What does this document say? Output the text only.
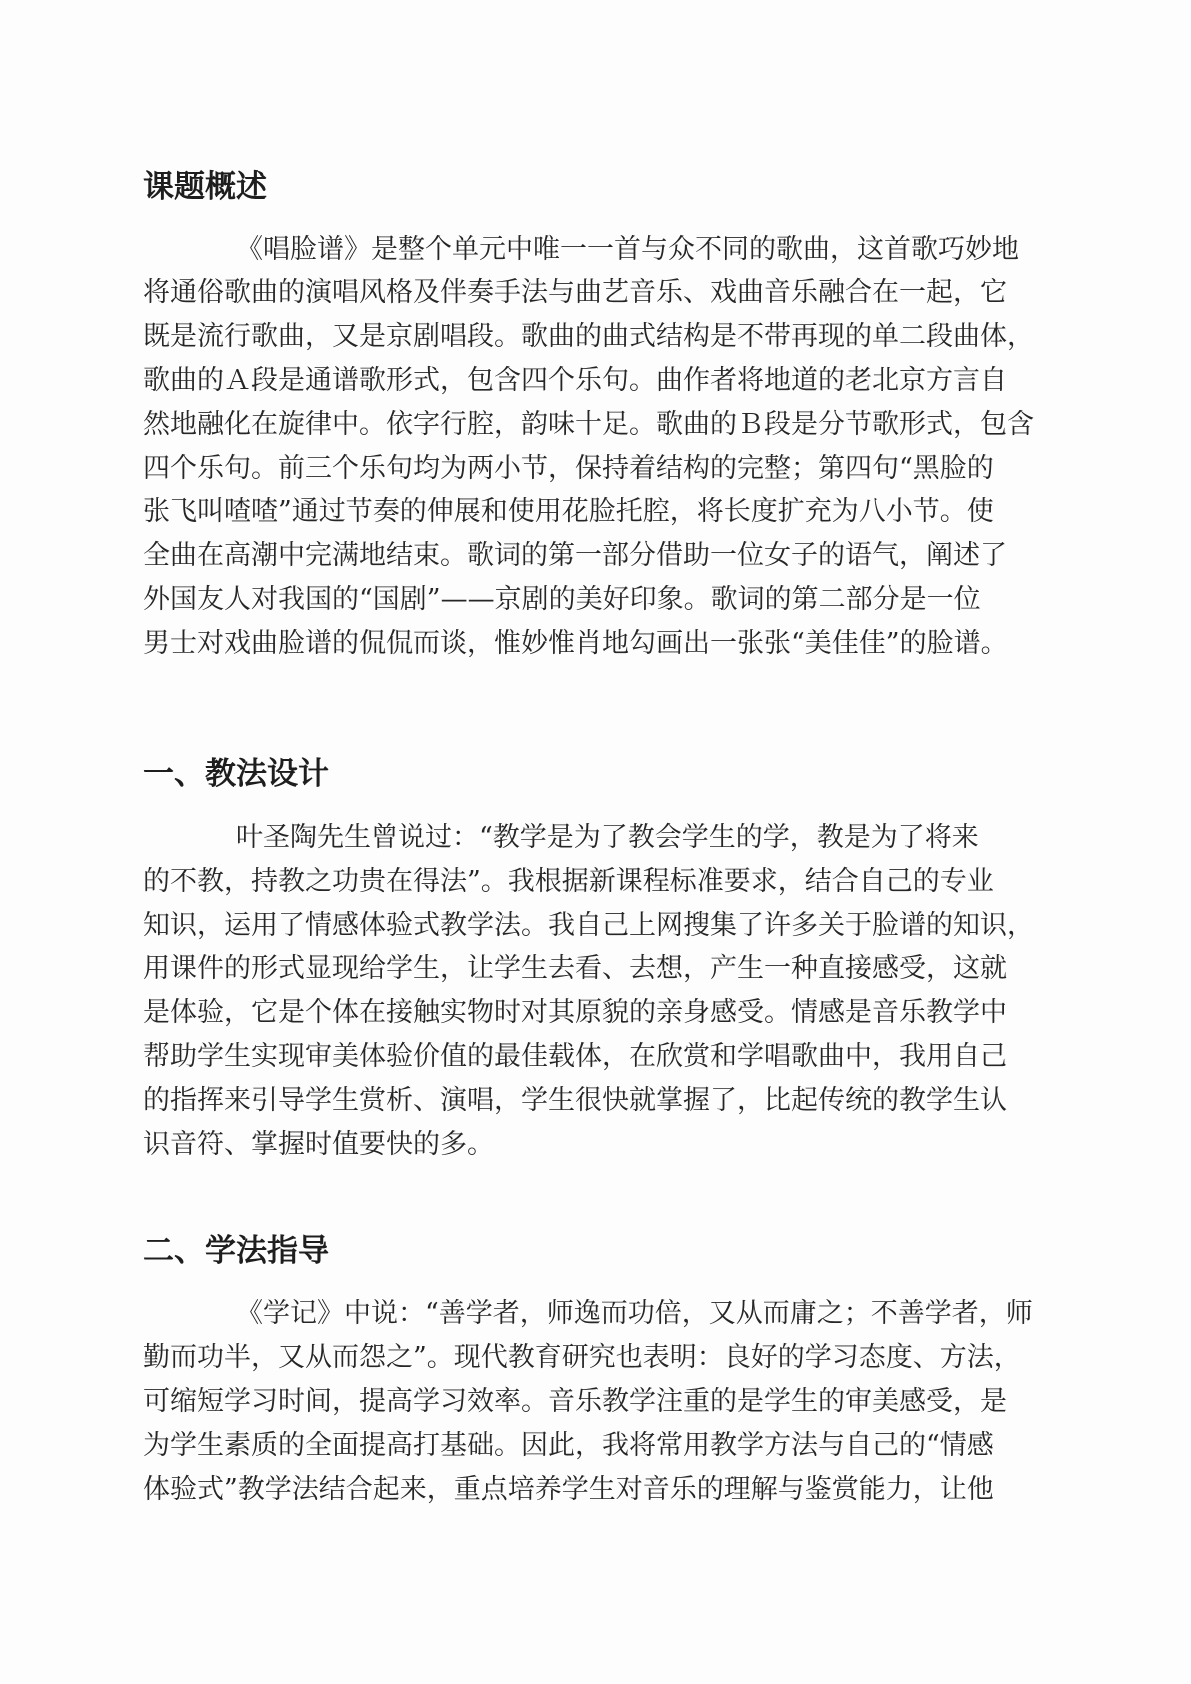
课题概述

《唱脸谱》是整个单元中唯一一首与众不同的歌曲，这首歌巧妙地

将通俗歌曲的演唱风格及伴奏手法与曲艺音乐、戏曲音乐融合在一起，它

既是流行歌曲，又是京剧唱段。歌曲的曲式结构是不带再现的单二段曲体，

歌曲的Ａ段是通谱歌形式，包含四个乐句。曲作者将地道的老北京方言自

然地融化在旋律中。依字行腔，韵味十足。歌曲的Ｂ段是分节歌形式，包含

四个乐句。前三个乐句均为两小节，保持着结构的完整；第四句“黑脸的

张飞叫喳喳”通过节奏的伸展和使用花脸托腔，将长度扩充为八小节。使

全曲在高潮中完满地结束。歌词的第一部分借助一位女子的语气，阐述了

外国友人对我国的“国剧”——京剧的美好印象。歌词的第二部分是一位

男士对戏曲脸谱的侃侃而谈，惟妙惟肖地勾画出一张张“美佳佳”的脸谱。

一、教法设计

叶圣陶先生曾说过：“教学是为了教会学生的学，教是为了将来

的不教，持教之功贵在得法”。我根据新课程标准要求，结合自己的专业

知识，运用了情感体验式教学法。我自己上网搜集了许多关于脸谱的知识，

用课件的形式显现给学生，让学生去看、去想，产生一种直接感受，这就

是体验，它是个体在接触实物时对其原貌的亲身感受。情感是音乐教学中

帮助学生实现审美体验价值的最佳载体，在欣赏和学唱歌曲中，我用自己

的指挥来引导学生赏析、演唱，学生很快就掌握了，比起传统的教学生认

识音符、掌握时值要快的多。

二、学法指导

《学记》中说：“善学者，师逸而功倍，又从而庸之；不善学者，师

勤而功半，又从而怨之”。现代教育研究也表明：良好的学习态度、方法，

可缩短学习时间，提高学习效率。音乐教学注重的是学生的审美感受，是

为学生素质的全面提高打基础。因此，我将常用教学方法与自己的“情感

体验式”教学法结合起来，重点培养学生对音乐的理解与鉴赏能力，让他
